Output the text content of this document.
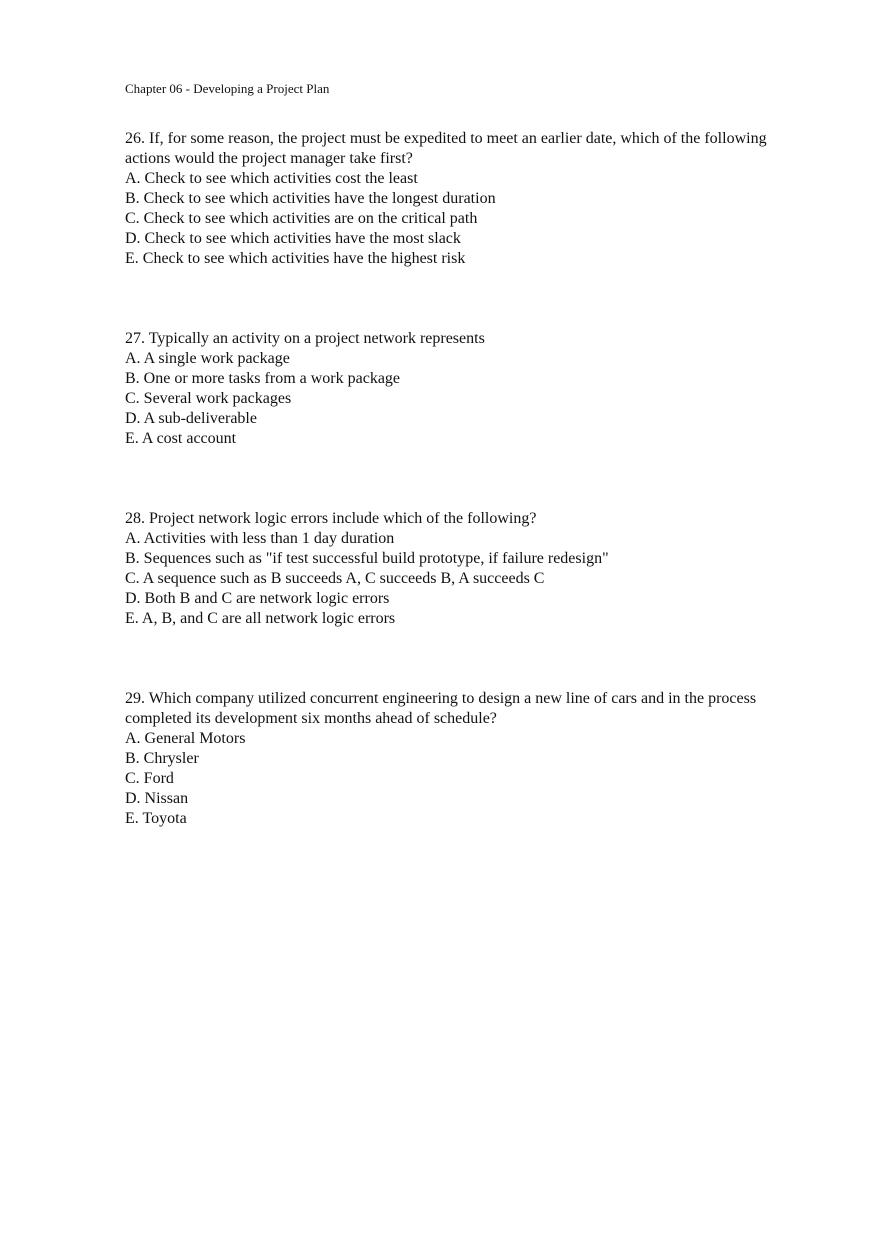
Chapter 06 - Developing a Project Plan

26. If, for some reason, the project must be expedited to meet an earlier date, which of the following actions would the project manager take first?

A. Check to see which activities cost the least
B. Check to see which activities have the longest duration
C. Check to see which activities are on the critical path
D. Check to see which activities have the most slack
E. Check to see which activities have the highest risk

27. Typically an activity on a project network represents

A. A single work package
B. One or more tasks from a work package
C. Several work packages
D. A sub-deliverable
E. A cost account

28. Project network logic errors include which of the following?

A. Activities with less than 1 day duration
B. Sequences such as "if test successful build prototype, if failure redesign"
C. A sequence such as B succeeds A, C succeeds B, A succeeds C
D. Both B and C are network logic errors
E. A, B, and C are all network logic errors

29. Which company utilized concurrent engineering to design a new line of cars and in the process completed its development six months ahead of schedule?

A. General Motors
B. Chrysler
C. Ford
D. Nissan
E. Toyota
